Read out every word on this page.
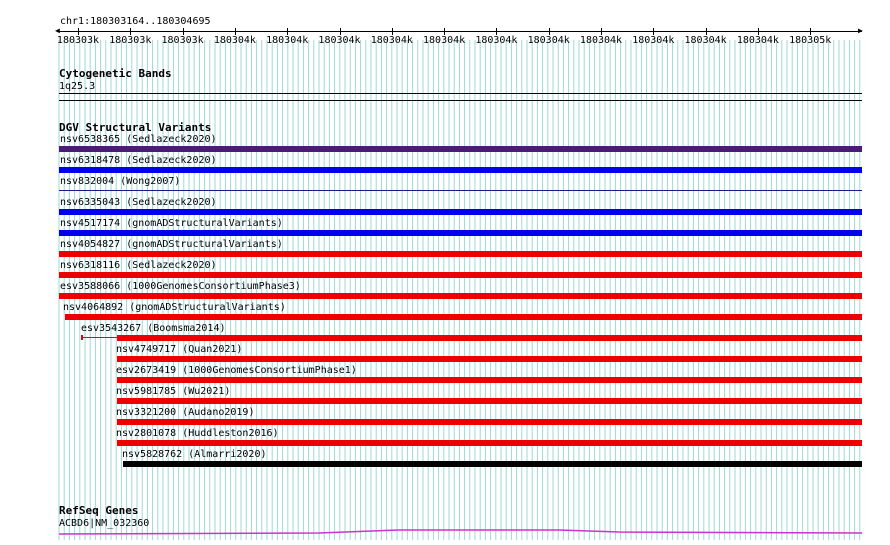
chr1:180303164..180304695
◀	▶
180303k 180303k 180303k 180304k 180304k 180304k 180304k 180304k 180304k 180304k 180304k 180304k 180304k 180304k 180305k
Cytogenetic Bands
1q25.3
DGV Structural Variants
nsv6538365 (Sedlazeck2020)
nsv6318478 (Sedlazeck2020)
nsv832004 (Wong2007)
nsv6335043 (Sedlazeck2020)
nsv4517174 (gnomADStructuralVariants)
nsv4054827 (gnomADStructuralVariants)
nsv6318116 (Sedlazeck2020)
esv3588066 (1000GenomesConsortiumPhase3)
nsv4064892 (gnomADStructuralVariants)
esv3543267 (Boomsma2014)
nsv4749717 (Quan2021)
esv2673419 (1000GenomesConsortiumPhase1)
nsv5981785 (Wu2021)
nsv3321200 (Audano2019)
nsv2801078 (Huddleston2016)
nsv5828762 (Almarri2020)
RefSeq Genes
ACBD6|NM_032360
